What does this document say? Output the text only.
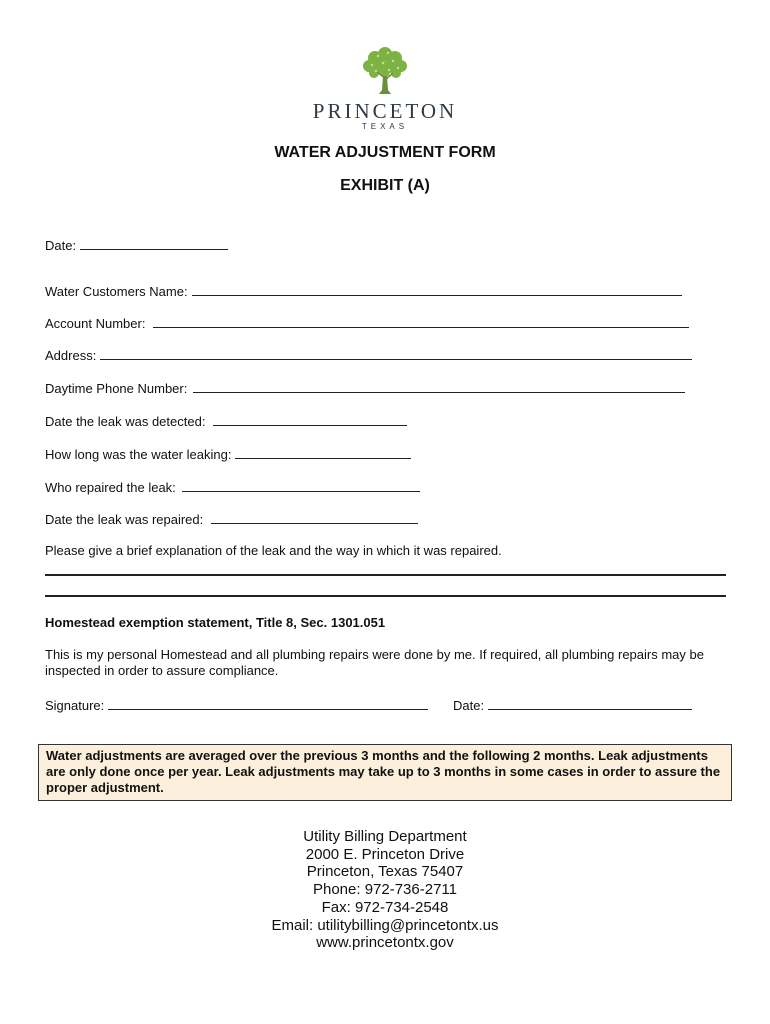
PRINCETON
TEXAS
WATER ADJUSTMENT FORM
EXHIBIT (A)
Date:
Water Customers Name:
Account Number:
Address:
Daytime Phone Number:
Date the leak was detected:
How long was the water leaking:
Who repaired the leak:
Date the leak was repaired:
Please give a brief explanation of the leak and the way in which it was repaired.
Homestead exemption statement, Title 8, Sec. 1301.051
This is my personal Homestead and all plumbing repairs were done by me. If required, all plumbing repairs may be inspected in order to assure compliance.
Signature:	Date:
Water adjustments are averaged over the previous 3 months and the following 2 months. Leak adjustments are only done once per year. Leak adjustments may take up to 3 months in some cases in order to assure the proper adjustment.
Utility Billing Department
2000 E. Princeton Drive
Princeton, Texas 75407
Phone: 972-736-2711
Fax: 972-734-2548
Email: utilitybilling@princetontx.us
www.princetontx.gov
